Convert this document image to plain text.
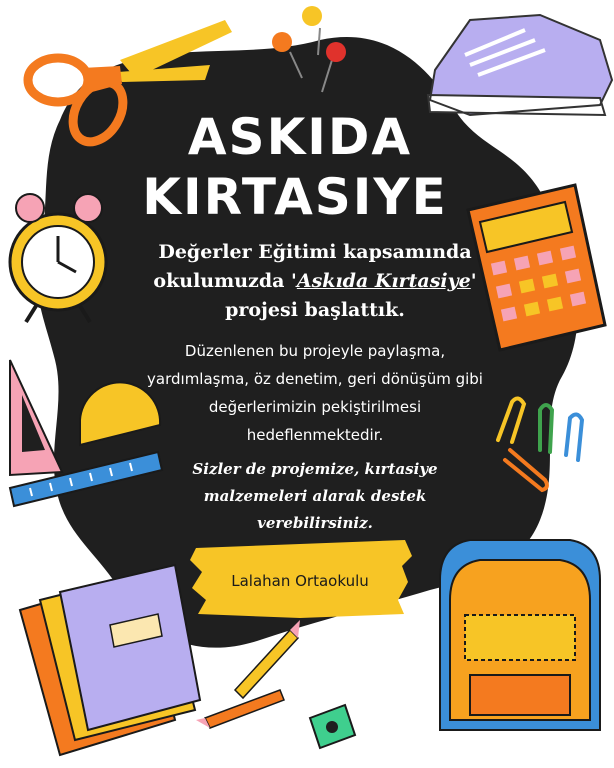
ASKIDA
KIRTASIYE
Değerler Eğitimi kapsamında
okulumuzda 'Askıda Kırtasiye'
projesi başlattık.
Düzenlenen bu projeyle paylaşma,
yardımlaşma, öz denetim, geri dönüşüm gibi
değerlerimizin pekiştirilmesi
hedeflenmektedir.
Sizler de projemize, kırtasiye
malzemeleri alarak destek
verebilirsiniz.
Lalahan Ortaokulu
